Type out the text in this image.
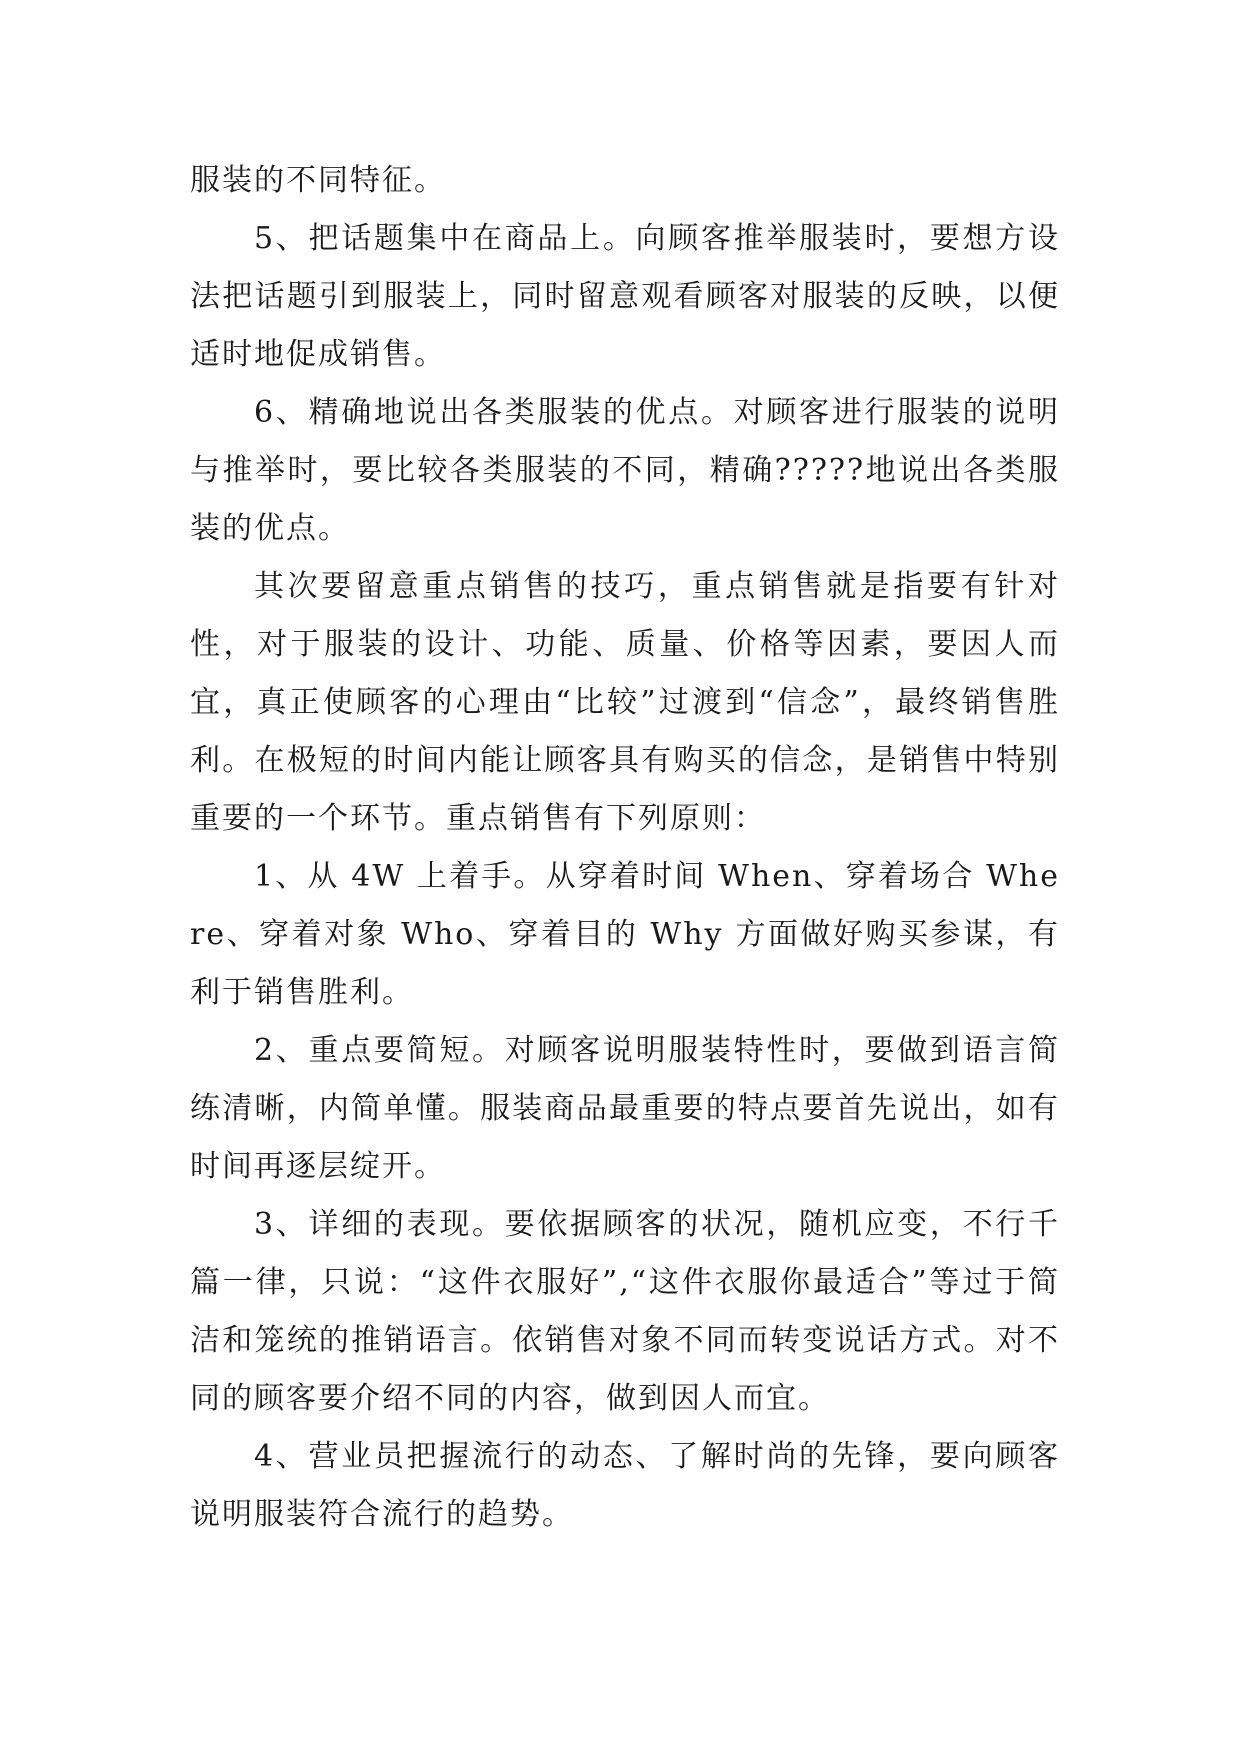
服装的不同特征。

5、把话题集中在商品上。向顾客推举服装时，要想方设法把话题引到服装上，同时留意观看顾客对服装的反映，以便适时地促成销售。

6、精确地说出各类服装的优点。对顾客进行服装的说明与推举时，要比较各类服装的不同，精确?????地说出各类服装的优点。

其次要留意重点销售的技巧，重点销售就是指要有针对性，对于服装的设计、功能、质量、价格等因素，要因人而宜，真正使顾客的心理由“比较”过渡到“信念”，最终销售胜利。在极短的时间内能让顾客具有购买的信念，是销售中特别重要的一个环节。重点销售有下列原则：

1、从 4W 上着手。从穿着时间 When、穿着场合 Where、穿着对象 Who、穿着目的 Why 方面做好购买参谋，有利于销售胜利。

2、重点要简短。对顾客说明服装特性时，要做到语言简练清晰，内简单懂。服装商品最重要的特点要首先说出，如有时间再逐层绽开。

3、详细的表现。要依据顾客的状况，随机应变，不行千篇一律，只说：“这件衣服好”,“这件衣服你最适合”等过于简洁和笼统的推销语言。依销售对象不同而转变说话方式。对不同的顾客要介绍不同的内容，做到因人而宜。

4、营业员把握流行的动态、了解时尚的先锋，要向顾客说明服装符合流行的趋势。
